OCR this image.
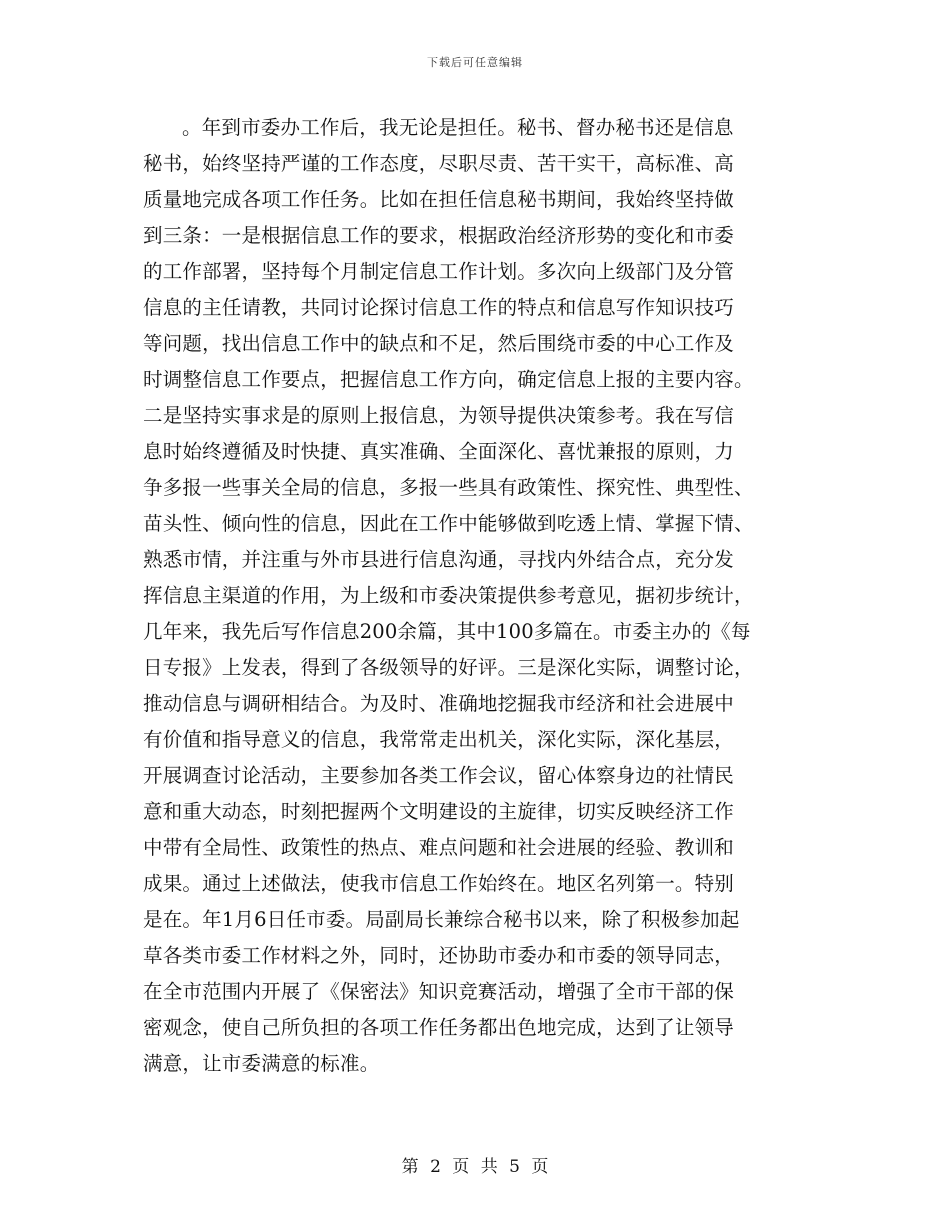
下载后可任意编辑
。年到市委办工作后，我无论是担任。秘书、督办秘书还是信息
秘书，始终坚持严谨的工作态度，尽职尽责、苦干实干，高标准、高
质量地完成各项工作任务。比如在担任信息秘书期间，我始终坚持做
到三条：一是根据信息工作的要求，根据政治经济形势的变化和市委
的工作部署，坚持每个月制定信息工作计划。多次向上级部门及分管
信息的主任请教，共同讨论探讨信息工作的特点和信息写作知识技巧
等问题，找出信息工作中的缺点和不足，然后围绕市委的中心工作及
时调整信息工作要点，把握信息工作方向，确定信息上报的主要内容。
二是坚持实事求是的原则上报信息，为领导提供决策参考。我在写信
息时始终遵循及时快捷、真实准确、全面深化、喜忧兼报的原则，力
争多报一些事关全局的信息，多报一些具有政策性、探究性、典型性、
苗头性、倾向性的信息，因此在工作中能够做到吃透上情、掌握下情、
熟悉市情，并注重与外市县进行信息沟通，寻找内外结合点，充分发
挥信息主渠道的作用，为上级和市委决策提供参考意见，据初步统计，
几年来，我先后写作信息200余篇，其中100多篇在。市委主办的《每
日专报》上发表，得到了各级领导的好评。三是深化实际，调整讨论，
推动信息与调研相结合。为及时、准确地挖掘我市经济和社会进展中
有价值和指导意义的信息，我常常走出机关，深化实际，深化基层，
开展调查讨论活动，主要参加各类工作会议，留心体察身边的社情民
意和重大动态，时刻把握两个文明建设的主旋律，切实反映经济工作
中带有全局性、政策性的热点、难点问题和社会进展的经验、教训和
成果。通过上述做法，使我市信息工作始终在。地区名列第一。特别
是在。年1月6日任市委。局副局长兼综合秘书以来，除了积极参加起
草各类市委工作材料之外，同时，还协助市委办和市委的领导同志，
在全市范围内开展了《保密法》知识竞赛活动，增强了全市干部的保
密观念，使自己所负担的各项工作任务都出色地完成，达到了让领导
满意，让市委满意的标准。
第 2 页 共 5 页
